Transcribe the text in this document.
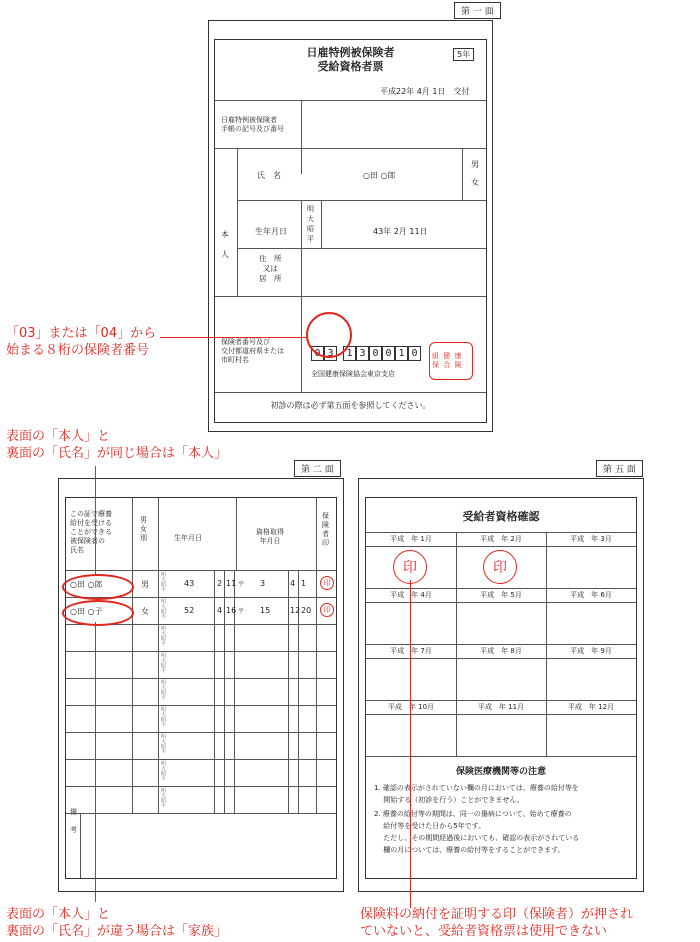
第 一 面
日雇特例被保険者
受給資格者票
5年
平成22年 4月 1日　交付
日雇特例被保険者
手帳の記号及び番号
本

人
氏　名	○田 ○郎
男

女
生年月日
明
大
昭
平
43年 2月 11日
住　所
又は
居　所
保険者番号及び
交付都道府県または
市町村名
全国健康保険協会東京支店
組 健 康 保 合 険
初診の際は必ず第五面を参照してください。
0 3	1 3 0 0 1 0
「03」または「04」から
始まる８桁の保険者番号
表面の「本人」と
裏面の「氏名」が同じ場合は「本人」
第 二 面
この証で療養
給付を受ける
ことができる
被保険者の
氏名
男
女
別	生年月日
資格取得
年月日
保
険
者
印
備

考
明大昭平
○田 ○郎	男	43	2 11 平 3	4 1	印
明大昭平
○田 ○子	女	52	4 16 平 15 12 20	印
明大昭平
明大昭平
明大昭平
明大昭平
明大昭平
明大昭平
明大昭平
表面の「本人」と
裏面の「氏名」が違う場合は「家族」
第 五 面
受給者資格確認
保険医療機関等の注意
1. 確認の表示がされていない欄の月においては、療養の給付等を
　 開始する（初診を行う）ことができません。
2. 療養の給付等の期間は、同一の傷病について、始めて療養の
　 給付等を受けた日から5年です。
　 ただし、その期間経過後においても、確認の表示がされている
　 欄の月については、療養の給付等をすることができます。
平成　年 1月	平成　年 2月	平成　年 3月
平成　年 4月	平成　年 5月	平成　年 6月
平成　年 7月	平成　年 8月	平成　年 9月
平成　年 10月	平成　年 11月	平成　年 12月
印	印
保険料の納付を証明する印（保険者）が押され
ていないと、受給者資格票は使用できない
